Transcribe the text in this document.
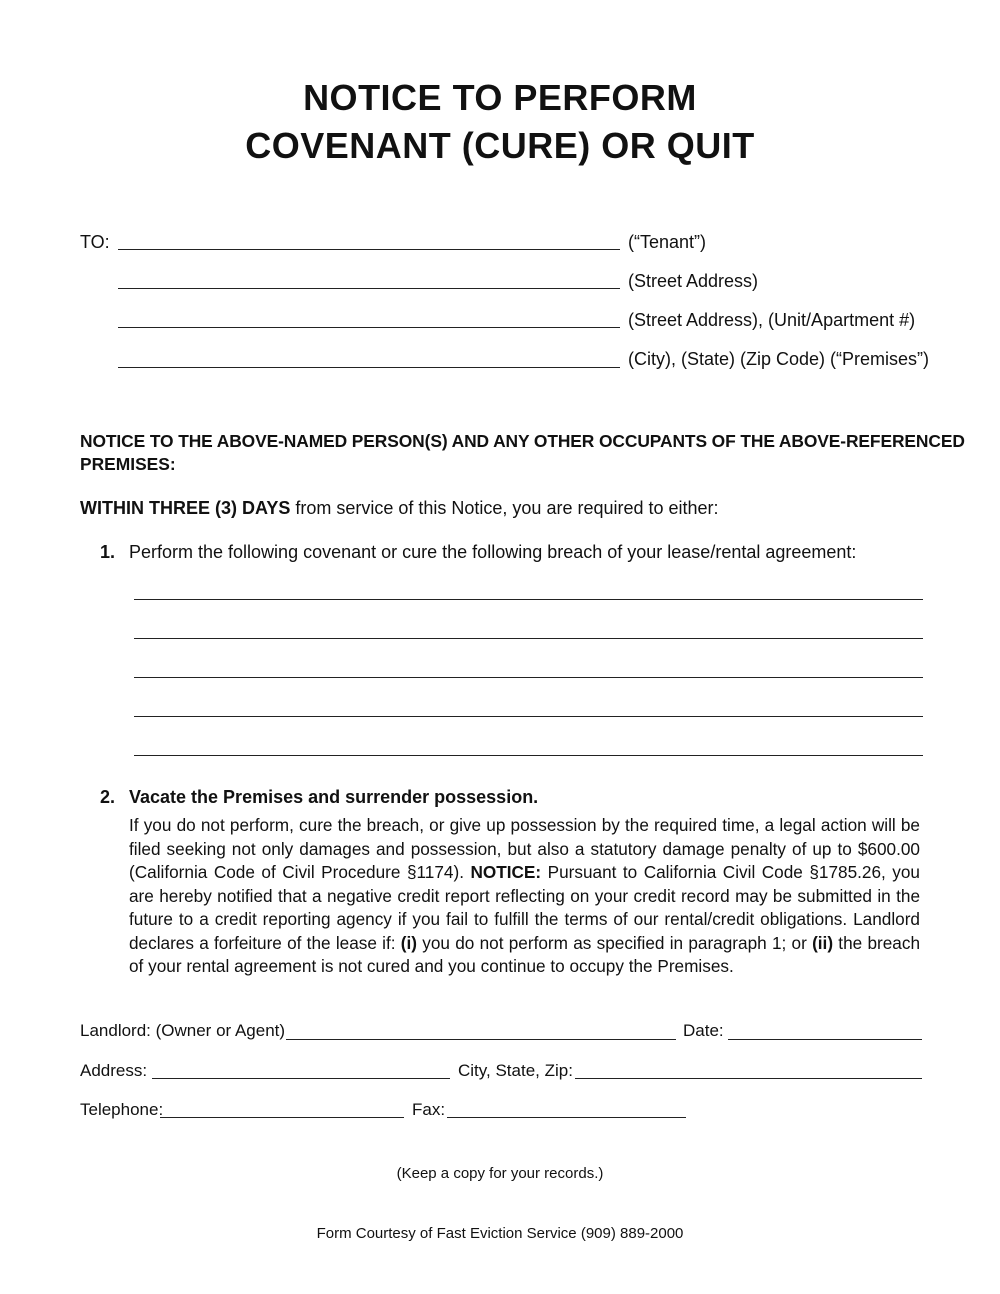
NOTICE TO PERFORM
COVENANT (CURE) OR QUIT
TO:	(“Tenant”)
(Street Address)
(Street Address), (Unit/Apartment #)
(City), (State) (Zip Code) (“Premises”)
NOTICE TO THE ABOVE-NAMED PERSON(S) AND ANY OTHER OCCUPANTS OF THE ABOVE-REFERENCED
PREMISES:
WITHIN THREE (3) DAYS from service of this Notice, you are required to either:
1. Perform the following covenant or cure the following breach of your lease/rental agreement:
2. Vacate the Premises and surrender possession.
If you do not perform, cure the breach, or give up possession by the required time, a legal action will be filed seeking not only damages and possession, but also a statutory damage penalty of up to $600.00 (California Code of Civil Procedure §1174). NOTICE: Pursuant to California Civil Code §1785.26, you are hereby notified that a negative credit report reflecting on your credit record may be submitted in the future to a credit reporting agency if you fail to fulfill the terms of our rental/credit obligations. Landlord declares a forfeiture of the lease if: (i) you do not perform as specified in paragraph 1; or (ii) the breach of your rental agreement is not cured and you continue to occupy the Premises.
Landlord: (Owner or Agent)	Date:
Address:	City, State, Zip:
Telephone:	Fax:
(Keep a copy for your records.)
Form Courtesy of Fast Eviction Service (909) 889-2000
